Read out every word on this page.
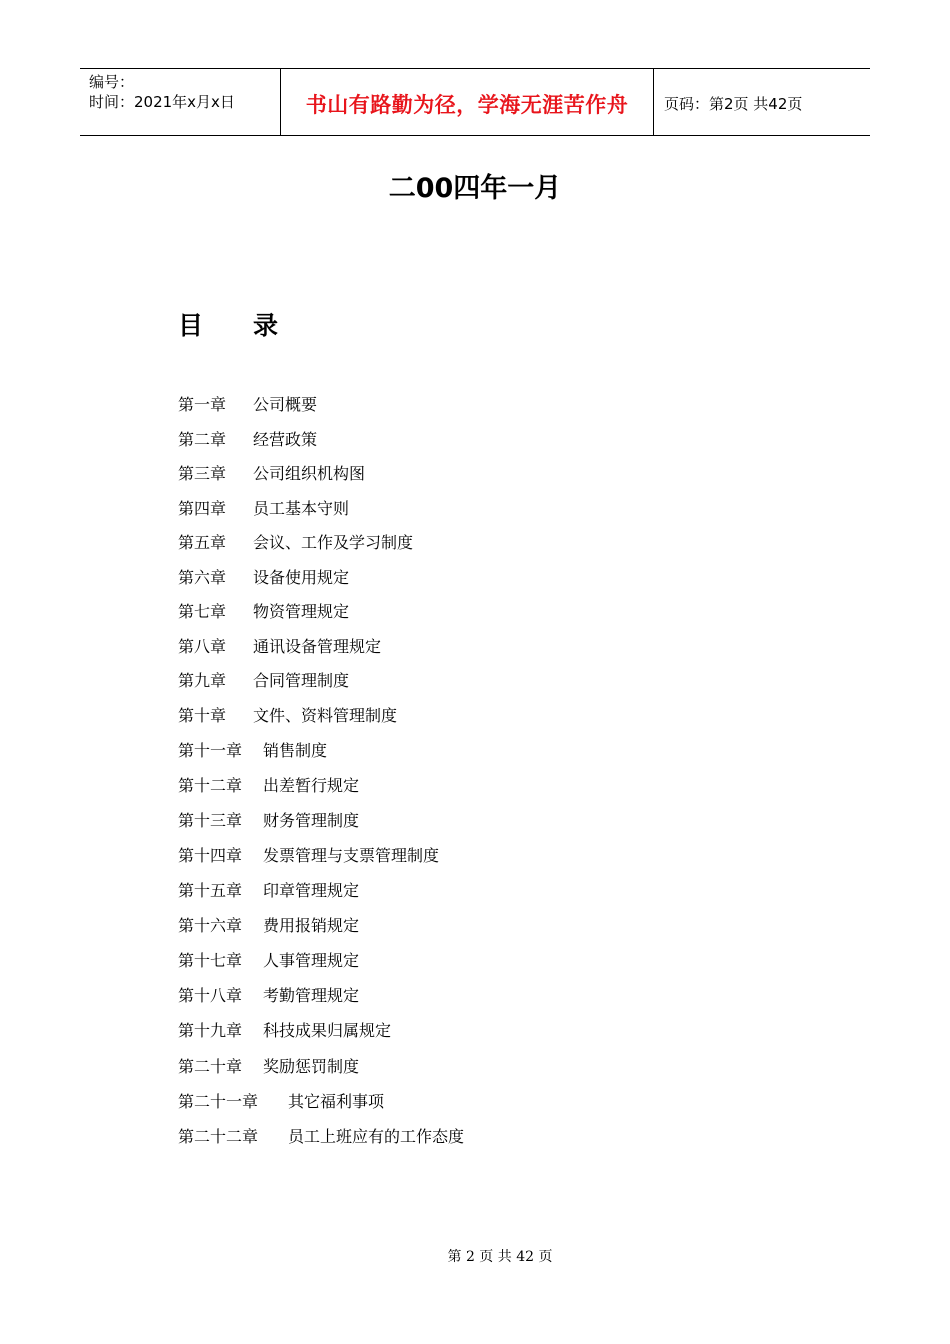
编号：
时间：2021年x月x日	书山有路勤为径，学海无涯苦作舟	页码：第2页 共42页
二00四年一月
目录
第一章	公司概要
第二章	经营政策
第三章	公司组织机构图
第四章	员工基本守则
第五章	会议、工作及学习制度
第六章	设备使用规定
第七章	物资管理规定
第八章	通讯设备管理规定
第九章	合同管理制度
第十章	文件、资料管理制度
第十一章	销售制度
第十二章	出差暂行规定
第十三章	财务管理制度
第十四章	发票管理与支票管理制度
第十五章	印章管理规定
第十六章	费用报销规定
第十七章	人事管理规定
第十八章	考勤管理规定
第十九章	科技成果归属规定
第二十章	奖励惩罚制度
第二十一章	其它福利事项
第二十二章	员工上班应有的工作态度
第 2 页 共 42 页
